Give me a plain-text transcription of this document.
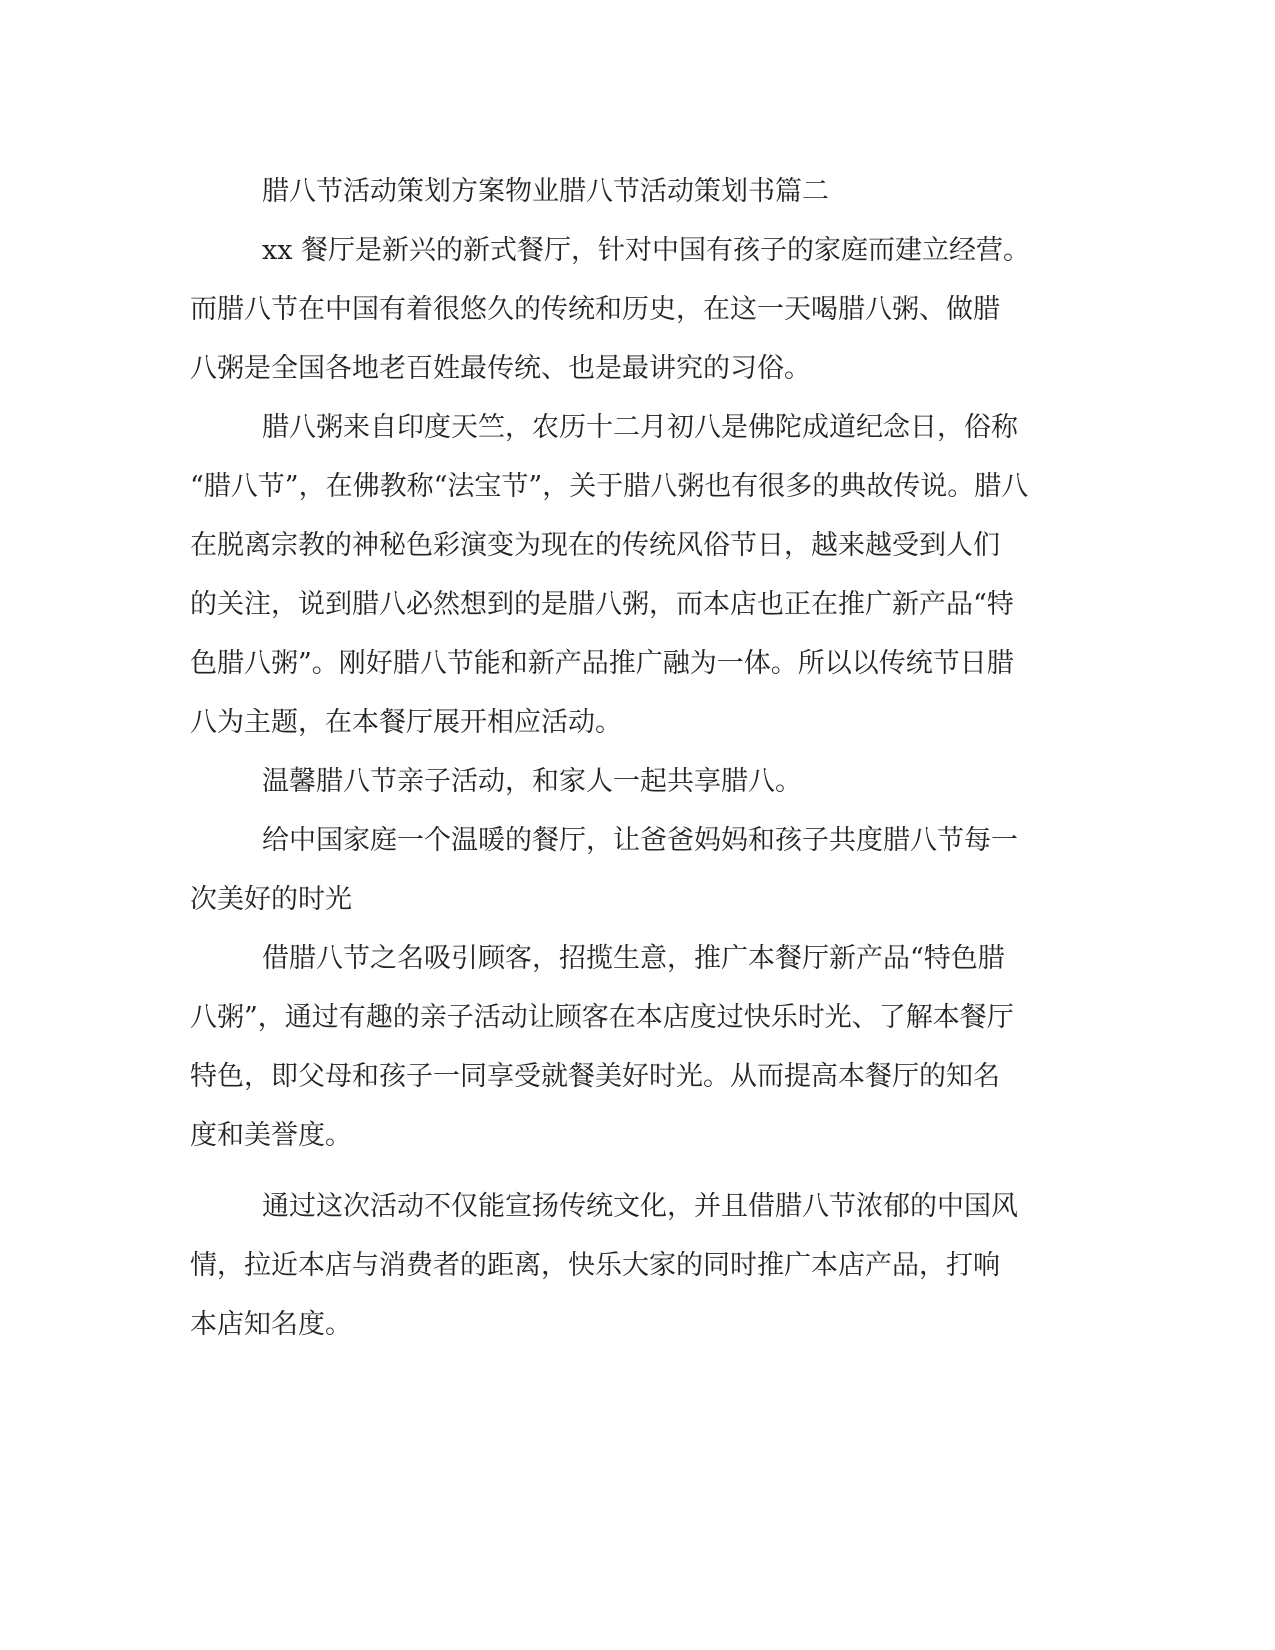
腊八节活动策划方案物业腊八节活动策划书篇二
xx 餐厅是新兴的新式餐厅，针对中国有孩子的家庭而建立经营。
而腊八节在中国有着很悠久的传统和历史，在这一天喝腊八粥、做腊
八粥是全国各地老百姓最传统、也是最讲究的习俗。
腊八粥来自印度天竺，农历十二月初八是佛陀成道纪念日，俗称
“腊八节”，在佛教称“法宝节”，关于腊八粥也有很多的典故传说。腊八
在脱离宗教的神秘色彩演变为现在的传统风俗节日，越来越受到人们
的关注，说到腊八必然想到的是腊八粥，而本店也正在推广新产品“特
色腊八粥”。刚好腊八节能和新产品推广融为一体。所以以传统节日腊
八为主题，在本餐厅展开相应活动。
温馨腊八节亲子活动，和家人一起共享腊八。
给中国家庭一个温暖的餐厅，让爸爸妈妈和孩子共度腊八节每一
次美好的时光
借腊八节之名吸引顾客，招揽生意，推广本餐厅新产品“特色腊
八粥”，通过有趣的亲子活动让顾客在本店度过快乐时光、了解本餐厅
特色，即父母和孩子一同享受就餐美好时光。从而提高本餐厅的知名
度和美誉度。
通过这次活动不仅能宣扬传统文化，并且借腊八节浓郁的中国风
情，拉近本店与消费者的距离，快乐大家的同时推广本店产品，打响
本店知名度。
